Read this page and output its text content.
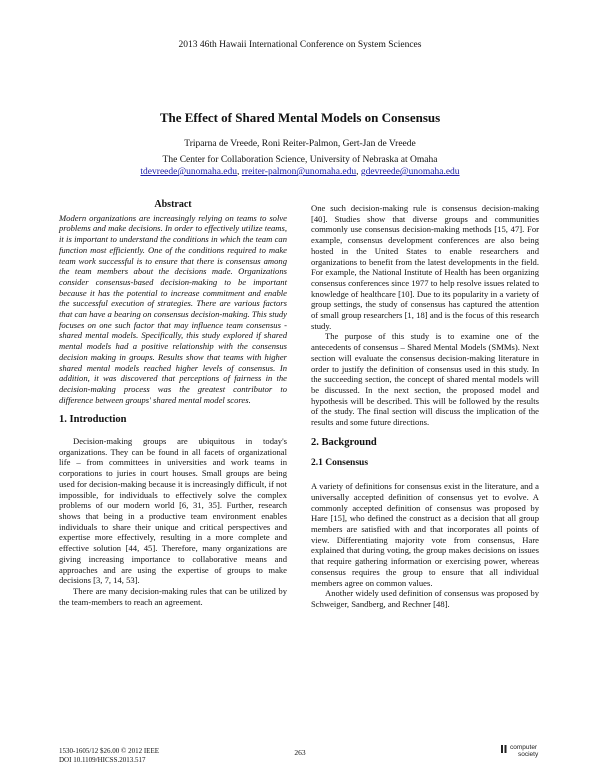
2013 46th Hawaii International Conference on System Sciences
The Effect of Shared Mental Models on Consensus
Triparna de Vreede, Roni Reiter-Palmon, Gert-Jan de Vreede
The Center for Collaboration Science, University of Nebraska at Omaha
tdevreede@unomaha.edu, rreiter-palmon@unomaha.edu, gdevreede@unomaha.edu
Abstract

Modern organizations are increasingly relying on teams to solve problems and make decisions. In order to effectively utilize teams, it is important to understand the conditions in which the team can function most efficiently. One of the conditions required to make team work successful is to ensure that there is consensus among the team members about the decisions made. Organizations consider consensus-based decision-making to be important because it has the potential to increase commitment and enable the successful execution of strategies. There are various factors that can have a bearing on consensus decision-making. This study focuses on one such factor that may influence team consensus - shared mental models. Specifically, this study explored if shared mental models had a positive relationship with the consensus decision making in groups. Results show that teams with higher shared mental models reached higher levels of consensus. In addition, it was discovered that perceptions of fairness in the decision-making process was the greatest contributor to difference between groups' shared mental model scores.

1. Introduction

Decision-making groups are ubiquitous in today's organizations. They can be found in all facets of organizational life – from committees in universities and work teams in corporations to juries in court houses. Small groups are being used for decision-making because it is increasingly difficult, if not impossible, for individuals to effectively solve the complex problems of our modern world [6, 31, 35]. Further, research shows that being in a productive team environment enables individuals to share their unique and critical perspectives and expertise more effectively, resulting in a more complete and effective solution [44, 45]. Therefore, many organizations are giving increasing importance to collaborative means and approaches and are using the expertise of groups to make decisions [3, 7, 14, 53].

There are many decision-making rules that can be utilized by the team-members to reach an agreement.

One such decision-making rule is consensus decision-making [40]. Studies show that diverse groups and communities commonly use consensus decision-making methods [15, 47]. For example, consensus development conferences are also being hosted in the United States to enable researchers and organizations to benefit from the latest developments in the field. For example, the National Institute of Health has been organizing consensus conferences since 1977 to help resolve issues related to knowledge of healthcare [10]. Due to its popularity in a variety of group settings, the study of consensus has captured the attention of small group researchers [1, 18] and is the focus of this research study.

The purpose of this study is to examine one of the antecedents of consensus – Shared Mental Models (SMMs). Next section will evaluate the consensus decision-making literature in order to justify the definition of consensus used in this study. In the succeeding section, the concept of shared mental models will be discussed. In the next section, the proposed model and hypothesis will be described. This will be followed by the results of the study. The final section will discuss the implication of the results and some future directions.

2. Background
2.1 Consensus

A variety of definitions for consensus exist in the literature, and a universally accepted definition of consensus yet to evolve. A commonly accepted definition of consensus was proposed by Hare [15], who defined the construct as a decision that all group members are satisfied with and that incorporates all points of view. Differentiating majority vote from consensus, Hare explained that during voting, the group makes decisions on issues that require gathering information or exercising power, whereas consensus requires the group to ensure that all individual members agree on common values.

Another widely used definition of consensus was proposed by Schweiger, Sandberg, and Rechner [48].

1530-1605/12 $26.00 © 2012 IEEE
DOI 10.1109/HICSS.2013.517
263
computer
society
